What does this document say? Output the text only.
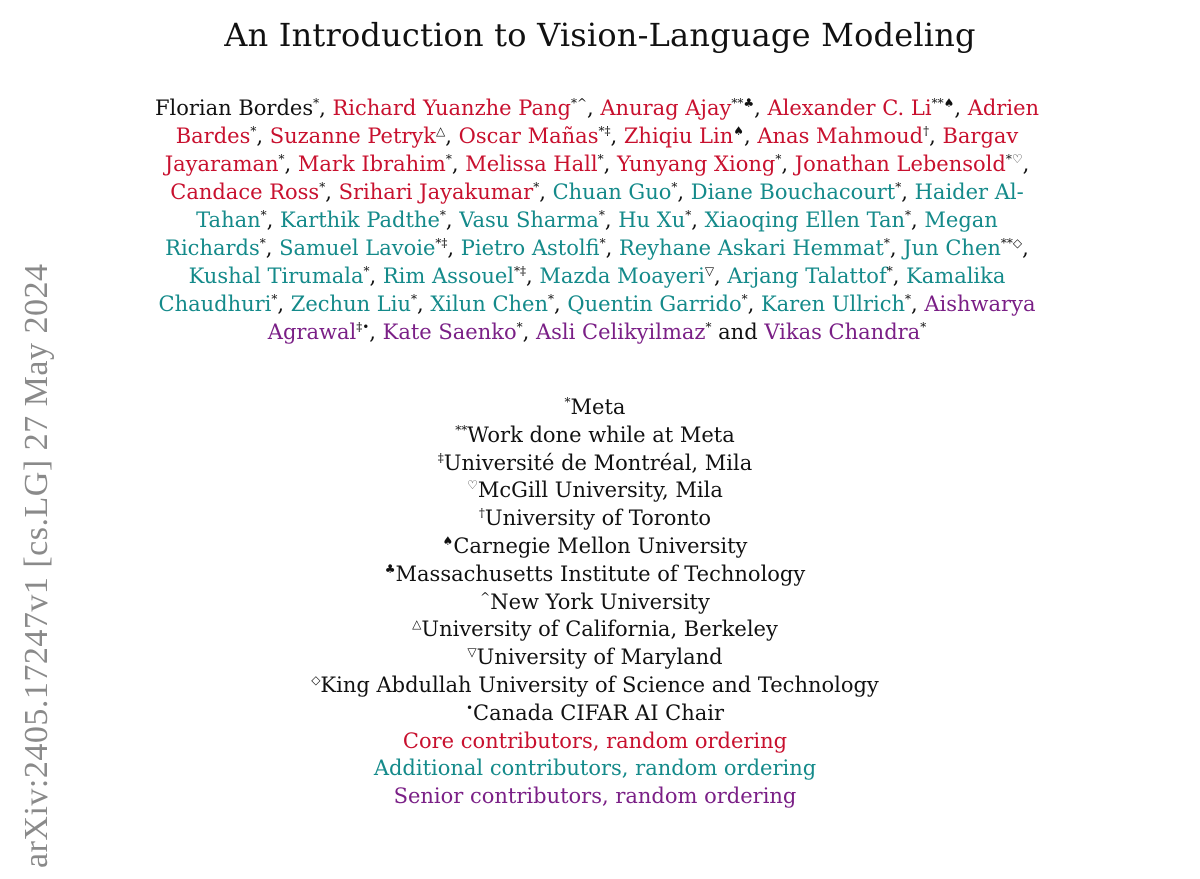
An Introduction to Vision-Language Modeling
Florian Bordes*, Richard Yuanzhe Pang*^, Anurag Ajay**♣, Alexander C. Li**♠, Adrien Bardes*, Suzanne Petryk△, Oscar Mañas*‡, Zhiqiu Lin♠, Anas Mahmoud†, Bargav Jayaraman*, Mark Ibrahim*, Melissa Hall*, Yunyang Xiong*, Jonathan Lebensold*♡, Candace Ross*, Srihari Jayakumar*, Chuan Guo*, Diane Bouchacourt*, Haider Al-Tahan*, Karthik Padthe*, Vasu Sharma*, Hu Xu*, Xiaoqing Ellen Tan*, Megan Richards*, Samuel Lavoie*‡, Pietro Astolfi*, Reyhane Askari Hemmat*, Jun Chen**◇, Kushal Tirumala*, Rim Assouel*‡, Mazda Moayeri▽, Arjang Talattof*, Kamalika Chaudhuri*, Zechun Liu*, Xilun Chen*, Quentin Garrido*, Karen Ullrich*, Aishwarya Agrawal‡•, Kate Saenko*, Asli Celikyilmaz* and Vikas Chandra*
*Meta
**Work done while at Meta
‡Université de Montréal, Mila
♡McGill University, Mila
†University of Toronto
♠Carnegie Mellon University
♣Massachusetts Institute of Technology
^New York University
△University of California, Berkeley
▽University of Maryland
◇King Abdullah University of Science and Technology
•Canada CIFAR AI Chair
Core contributors, random ordering
Additional contributors, random ordering
Senior contributors, random ordering
arXiv:2405.17247v1 [cs.LG] 27 May 2024
